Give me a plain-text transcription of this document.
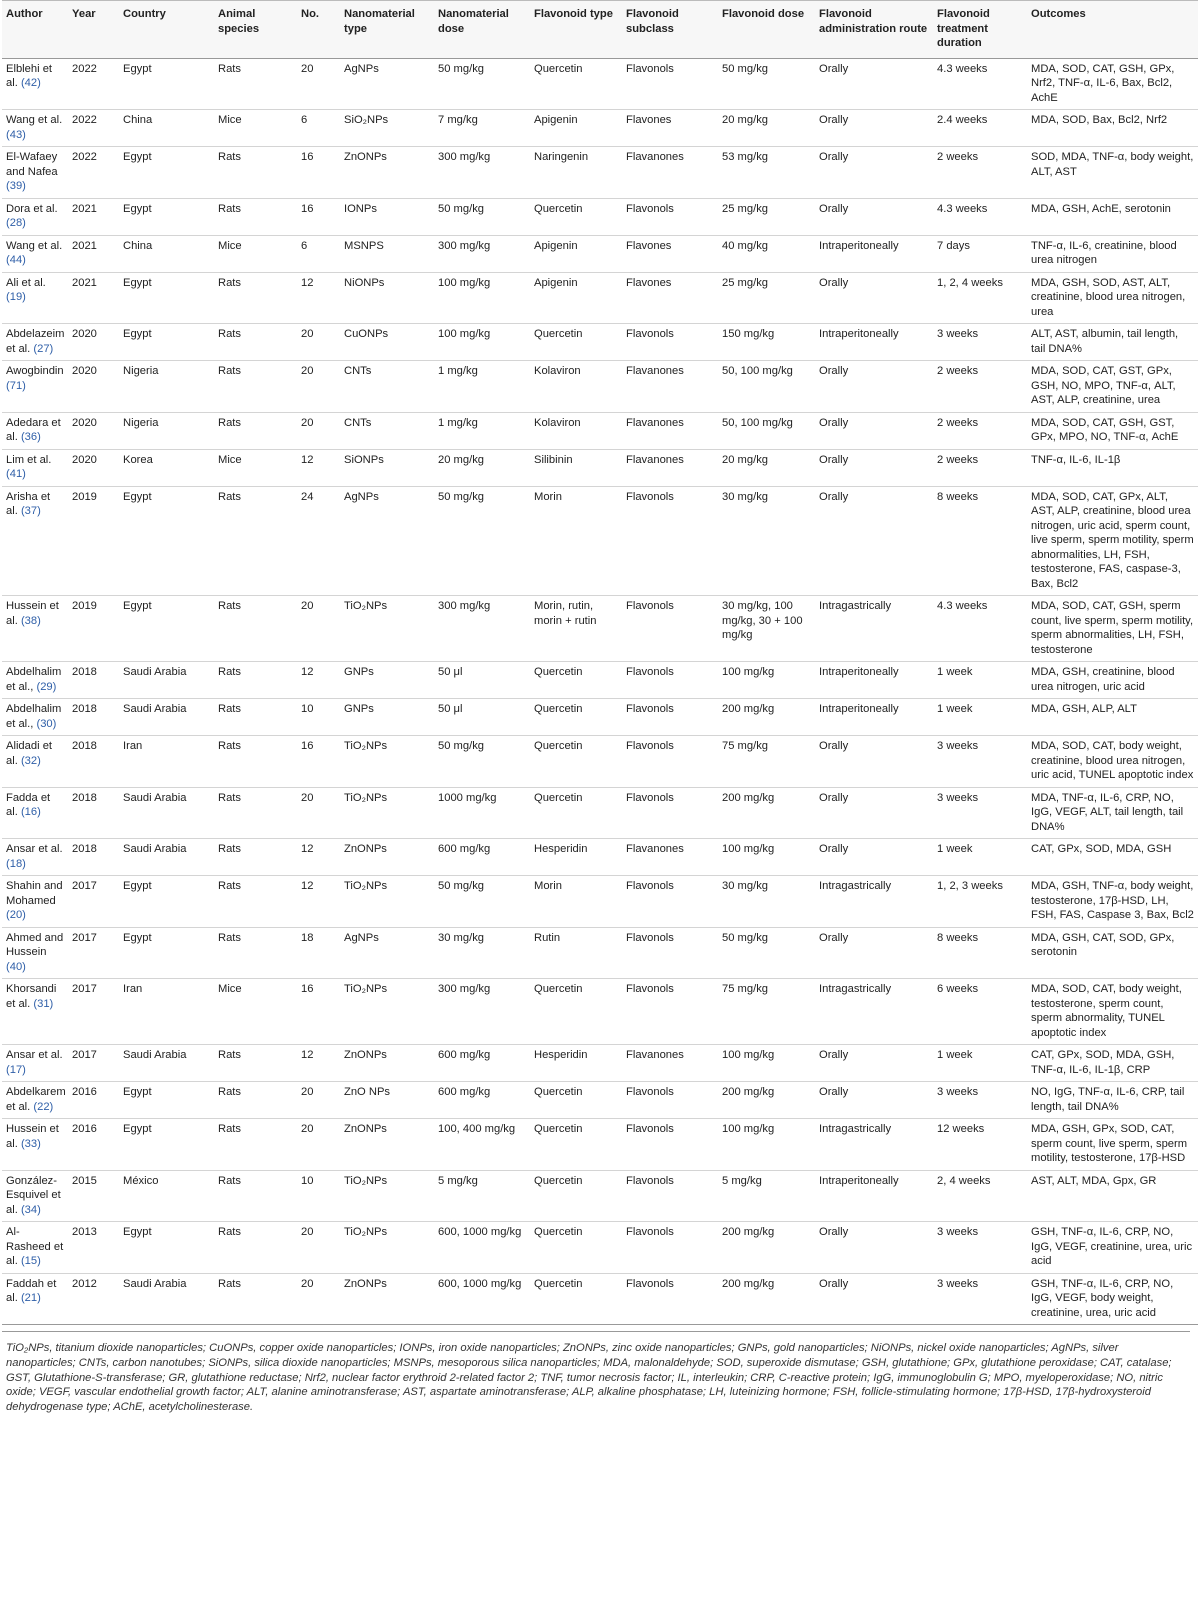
Author	Year	Country	Animal species	No.	Nanomaterial type	Nanomaterial dose	Flavonoid type	Flavonoid subclass	Flavonoid dose	Flavonoid administration route	Flavonoid treatment duration	Outcomes
Elblehi et al. (42)	2022	Egypt	Rats	20	AgNPs	50 mg/kg	Quercetin	Flavonols	50 mg/kg	Orally	4.3 weeks	MDA, SOD, CAT, GSH, GPx, Nrf2, TNF-α, IL-6, Bax, Bcl2, AchE
Wang et al. (43)	2022	China	Mice	6	SiO₂NPs	7 mg/kg	Apigenin	Flavones	20 mg/kg	Orally	2.4 weeks	MDA, SOD, Bax, Bcl2, Nrf2
El-Wafaey and Nafea (39)	2022	Egypt	Rats	16	ZnONPs	300 mg/kg	Naringenin	Flavanones	53 mg/kg	Orally	2 weeks	SOD, MDA, TNF-α, body weight, ALT, AST
Dora et al. (28)	2021	Egypt	Rats	16	IONPs	50 mg/kg	Quercetin	Flavonols	25 mg/kg	Orally	4.3 weeks	MDA, GSH, AchE, serotonin
Wang et al. (44)	2021	China	Mice	6	MSNPS	300 mg/kg	Apigenin	Flavones	40 mg/kg	Intraperitoneally	7 days	TNF-α, IL-6, creatinine, blood urea nitrogen
Ali et al. (19)	2021	Egypt	Rats	12	NiONPs	100 mg/kg	Apigenin	Flavones	25 mg/kg	Orally	1, 2, 4 weeks	MDA, GSH, SOD, AST, ALT, creatinine, blood urea nitrogen, urea
Abdelazeim et al. (27)	2020	Egypt	Rats	20	CuONPs	100 mg/kg	Quercetin	Flavonols	150 mg/kg	Intraperitoneally	3 weeks	ALT, AST, albumin, tail length, tail DNA%
Awogbindin (71)	2020	Nigeria	Rats	20	CNTs	1 mg/kg	Kolaviron	Flavanones	50, 100 mg/kg	Orally	2 weeks	MDA, SOD, CAT, GST, GPx, GSH, NO, MPO, TNF-α, ALT, AST, ALP, creatinine, urea
Adedara et al. (36)	2020	Nigeria	Rats	20	CNTs	1 mg/kg	Kolaviron	Flavanones	50, 100 mg/kg	Orally	2 weeks	MDA, SOD, CAT, GSH, GST, GPx, MPO, NO, TNF-α, AchE
Lim et al. (41)	2020	Korea	Mice	12	SiONPs	20 mg/kg	Silibinin	Flavanones	20 mg/kg	Orally	2 weeks	TNF-α, IL-6, IL-1β
Arisha et al. (37)	2019	Egypt	Rats	24	AgNPs	50 mg/kg	Morin	Flavonols	30 mg/kg	Orally	8 weeks	MDA, SOD, CAT, GPx, ALT, AST, ALP, creatinine, blood urea nitrogen, uric acid, sperm count, live sperm, sperm motility, sperm abnormalities, LH, FSH, testosterone, FAS, caspase-3, Bax, Bcl2
Hussein et al. (38)	2019	Egypt	Rats	20	TiO₂NPs	300 mg/kg	Morin, rutin, morin + rutin	Flavonols	30 mg/kg, 100 mg/kg, 30 + 100 mg/kg	Intragastrically	4.3 weeks	MDA, SOD, CAT, GSH, sperm count, live sperm, sperm motility, sperm abnormalities, LH, FSH, testosterone
Abdelhalim et al., (29)	2018	Saudi Arabia	Rats	12	GNPs	50 μl	Quercetin	Flavonols	100 mg/kg	Intraperitoneally	1 week	MDA, GSH, creatinine, blood urea nitrogen, uric acid
Abdelhalim et al., (30)	2018	Saudi Arabia	Rats	10	GNPs	50 μl	Quercetin	Flavonols	200 mg/kg	Intraperitoneally	1 week	MDA, GSH, ALP, ALT
Alidadi et al. (32)	2018	Iran	Rats	16	TiO₂NPs	50 mg/kg	Quercetin	Flavonols	75 mg/kg	Orally	3 weeks	MDA, SOD, CAT, body weight, creatinine, blood urea nitrogen, uric acid, TUNEL apoptotic index
Fadda et al. (16)	2018	Saudi Arabia	Rats	20	TiO₂NPs	1000 mg/kg	Quercetin	Flavonols	200 mg/kg	Orally	3 weeks	MDA, TNF-α, IL-6, CRP, NO, IgG, VEGF, ALT, tail length, tail DNA%
Ansar et al. (18)	2018	Saudi Arabia	Rats	12	ZnONPs	600 mg/kg	Hesperidin	Flavanones	100 mg/kg	Orally	1 week	CAT, GPx, SOD, MDA, GSH
Shahin and Mohamed (20)	2017	Egypt	Rats	12	TiO₂NPs	50 mg/kg	Morin	Flavonols	30 mg/kg	Intragastrically	1, 2, 3 weeks	MDA, GSH, TNF-α, body weight, testosterone, 17β-HSD, LH, FSH, FAS, Caspase 3, Bax, Bcl2
Ahmed and Hussein (40)	2017	Egypt	Rats	18	AgNPs	30 mg/kg	Rutin	Flavonols	50 mg/kg	Orally	8 weeks	MDA, GSH, CAT, SOD, GPx, serotonin
Khorsandi et al. (31)	2017	Iran	Mice	16	TiO₂NPs	300 mg/kg	Quercetin	Flavonols	75 mg/kg	Intragastrically	6 weeks	MDA, SOD, CAT, body weight, testosterone, sperm count, sperm abnormality, TUNEL apoptotic index
Ansar et al. (17)	2017	Saudi Arabia	Rats	12	ZnONPs	600 mg/kg	Hesperidin	Flavanones	100 mg/kg	Orally	1 week	CAT, GPx, SOD, MDA, GSH, TNF-α, IL-6, IL-1β, CRP
Abdelkarem et al. (22)	2016	Egypt	Rats	20	ZnO NPs	600 mg/kg	Quercetin	Flavonols	200 mg/kg	Orally	3 weeks	NO, IgG, TNF-α, IL-6, CRP, tail length, tail DNA%
Hussein et al. (33)	2016	Egypt	Rats	20	ZnONPs	100, 400 mg/kg	Quercetin	Flavonols	100 mg/kg	Intragastrically	12 weeks	MDA, GSH, GPx, SOD, CAT, sperm count, live sperm, sperm motility, testosterone, 17β-HSD
González-Esquivel et al. (34)	2015	México	Rats	10	TiO₂NPs	5 mg/kg	Quercetin	Flavonols	5 mg/kg	Intraperitoneally	2, 4 weeks	AST, ALT, MDA, Gpx, GR
Al-Rasheed et al. (15)	2013	Egypt	Rats	20	TiO₂NPs	600, 1000 mg/kg	Quercetin	Flavonols	200 mg/kg	Orally	3 weeks	GSH, TNF-α, IL-6, CRP, NO, IgG, VEGF, creatinine, urea, uric acid
Faddah et al. (21)	2012	Saudi Arabia	Rats	20	ZnONPs	600, 1000 mg/kg	Quercetin	Flavonols	200 mg/kg	Orally	3 weeks	GSH, TNF-α, IL-6, CRP, NO, IgG, VEGF, body weight, creatinine, urea, uric acid
TiO₂NPs, titanium dioxide nanoparticles; CuONPs, copper oxide nanoparticles; IONPs, iron oxide nanoparticles; ZnONPs, zinc oxide nanoparticles; GNPs, gold nanoparticles; NiONPs, nickel oxide nanoparticles; AgNPs, silver nanoparticles; CNTs, carbon nanotubes; SiONPs, silica dioxide nanoparticles; MSNPs, mesoporous silica nanoparticles; MDA, malonaldehyde; SOD, superoxide dismutase; GSH, glutathione; GPx, glutathione peroxidase; CAT, catalase; GST, Glutathione-S-transferase; GR, glutathione reductase; Nrf2, nuclear factor erythroid 2-related factor 2; TNF, tumor necrosis factor; IL, interleukin; CRP, C-reactive protein; IgG, immunoglobulin G; MPO, myeloperoxidase; NO, nitric oxide; VEGF, vascular endothelial growth factor; ALT, alanine aminotransferase; AST, aspartate aminotransferase; ALP, alkaline phosphatase; LH, luteinizing hormone; FSH, follicle-stimulating hormone; 17β-HSD, 17β-hydroxysteroid dehydrogenase type; AChE, acetylcholinesterase.
